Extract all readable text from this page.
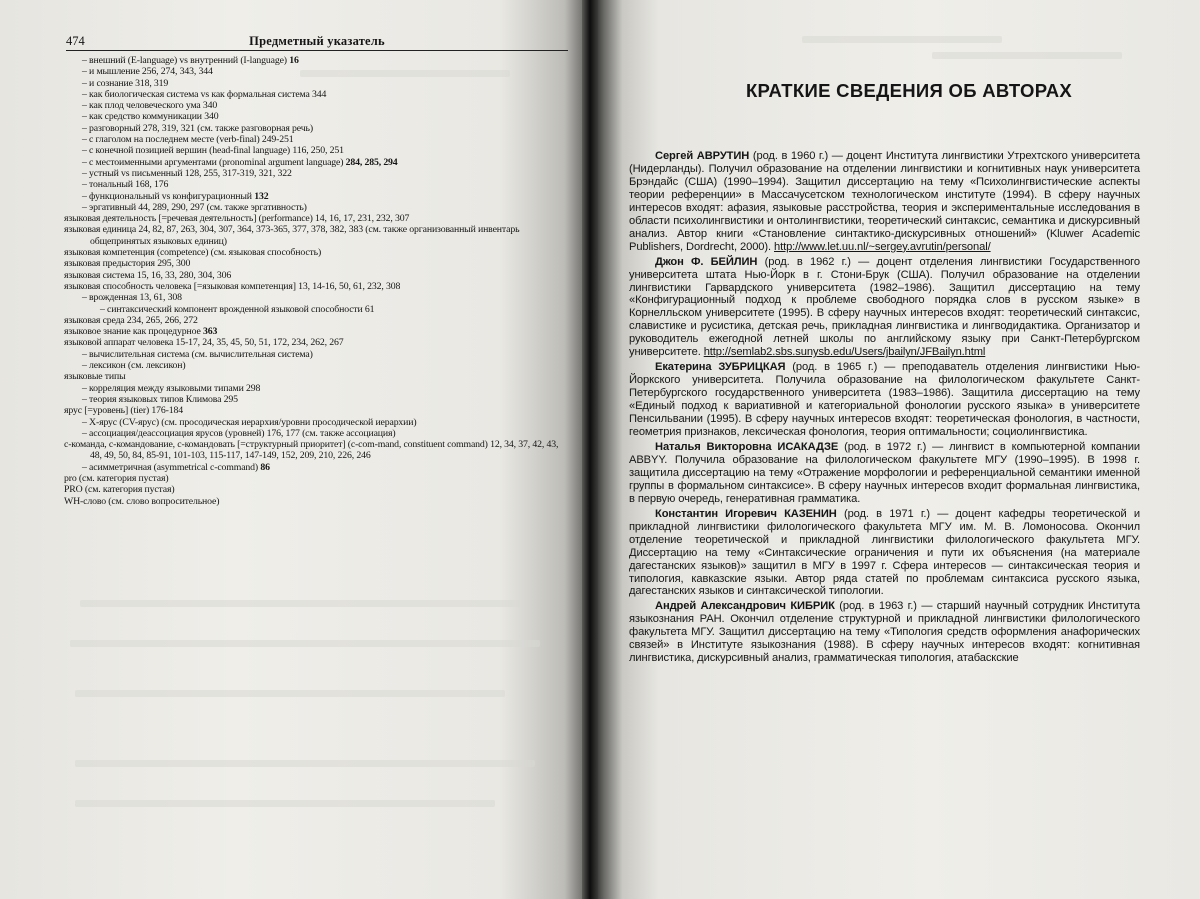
474	Предметный указатель
– внешний (E-language) vs внутренний (I-language) 16
– и мышление 256, 274, 343, 344
– и сознание 318, 319
– как биологическая система vs как формальная система 344
– как плод человеческого ума 340
– как средство коммуникации 340
– разговорный 278, 319, 321 (см. также разговорная речь)
– с глаголом на последнем месте (verb-final) 249-251
– с конечной позицией вершин (head-final language) 116, 250, 251
– с местоименными аргументами (pronominal argument language) 284, 285, 294
– устный vs письменный 128, 255, 317-319, 321, 322
– тональный 168, 176
– функциональный vs конфигурационный 132
– эргативный 44, 289, 290, 297 (см. также эргативность)
языковая деятельность [=речевая деятельность] (performance) 14, 16, 17, 231, 232, 307
языковая единица 24, 82, 87, 263, 304, 307, 364, 373-365, 377, 378, 382, 383 (см. также организованный инвентарь общепринятых языковых единиц)
языковая компетенция (competence) (см. языковая способность)
языковая предыстория 295, 300
языковая система 15, 16, 33, 280, 304, 306
языковая способность человека [=языковая компетенция] 13, 14-16, 50, 61, 232, 308
– врожденная 13, 61, 308
– синтаксический компонент врожденной языковой способности 61
языковая среда 234, 265, 266, 272
языковое знание как процедурное 363
языковой аппарат человека 15-17, 24, 35, 45, 50, 51, 172, 234, 262, 267
– вычислительная система (см. вычислительная система)
– лексикон (см. лексикон)
языковые типы
– корреляция между языковыми типами 298
– теория языковых типов Климова 295
ярус [=уровень] (tier) 176-184
– X-ярус (CV-ярус) (см. просодическая иерархия/уровни просодической иерархии)
– ассоциация/деассоциация ярусов (уровней) 176, 177 (см. также ассоциация)
c-команда, c-командование, c-командовать [=структурный приоритет] (c-com-mand, constituent command) 12, 34, 37, 42, 43, 48, 49, 50, 84, 85-91, 101-103, 115-117, 147-149, 152, 209, 210, 226, 246
– асимметричная (asymmetrical c-command) 86
pro (см. категория пустая)
PRO (см. категория пустая)
WH-слово (см. слово вопросительное)
КРАТКИЕ СВЕДЕНИЯ ОБ АВТОРАХ

Сергей АВРУТИН (род. в 1960 г.) — доцент Института лингвистики Утрехтского университета (Нидерланды). Получил образование на отделении лингвистики и когнитивных наук университета Брэндайс (США) (1990–1994). Защитил диссертацию на тему «Психолингвистические аспекты теории референции» в Массачусетском технологическом институте (1994). В сферу научных интересов входят: афазия, языковые расстройства, теория и экспериментальные исследования в области психолингвистики и онтолингвистики, теоретический синтаксис, семантика и дискурсивный анализ. Автор книги «Становление синтактико-дискурсивных отношений» (Kluwer Academic Publishers, Dordrecht, 2000). http://www.let.uu.nl/~sergey.avrutin/personal/

Джон Ф. БЕЙЛИН (род. в 1962 г.) — доцент отделения лингвистики Государственного университета штата Нью-Йорк в г. Стони-Брук (США). Получил образование на отделении лингвистики Гарвардского университета (1982–1986). Защитил диссертацию на тему «Конфигурационный подход к проблеме свободного порядка слов в русском языке» в Корнелльском университете (1995). В сферу научных интересов входят: теоретический синтаксис, славистике и русистика, детская речь, прикладная лингвистика и лингводидактика. Организатор и руководитель ежегодной летней школы по английскому языку при Санкт-Петербургском университете. http://semlab2.sbs.sunysb.edu/Users/jbailyn/JFBailyn.html

Екатерина ЗУБРИЦКАЯ (род. в 1965 г.) — преподаватель отделения лингвистики Нью-Йоркского университета. Получила образование на филологическом факультете Санкт-Петербургского государственного университета (1983–1986). Защитила диссертацию на тему «Единый подход к вариативной и категориальной фонологии русского языка» в университете Пенсильвании (1995). В сферу научных интересов входят: теоретическая фонология, в частности, геометрия признаков, лексическая фонология, теория оптимальности; социолингвистика.

Наталья Викторовна ИСАКАДЗЕ (род. в 1972 г.) — лингвист в компьютерной компании ABBYY. Получила образование на филологическом факультете МГУ (1990–1995). В 1998 г. защитила диссертацию на тему «Отражение морфологии и референциальной семантики именной группы в формальном синтаксисе». В сферу научных интересов входит формальная лингвистика, в первую очередь, генеративная грамматика.

Константин Игоревич КАЗЕНИН (род. в 1971 г.) — доцент кафедры теоретической и прикладной лингвистики филологического факультета МГУ им. М. В. Ломоносова. Окончил отделение теоретической и прикладной лингвистики филологического факультета МГУ. Диссертацию на тему «Синтаксические ограничения и пути их объяснения (на материале дагестанских языков)» защитил в МГУ в 1997 г. Сфера интересов — синтаксическая теория и типология, кавказские языки. Автор ряда статей по проблемам синтаксиса русского языка, дагестанских языков и синтаксической типологии.

Андрей Александрович КИБРИК (род. в 1963 г.) — старший научный сотрудник Института языкознания РАН. Окончил отделение структурной и прикладной лингвистики филологического факультета МГУ. Защитил диссертацию на тему «Типология средств оформления анафорических связей» в Институте языкознания (1988). В сферу научных интересов входят: когнитивная лингвистика, дискурсивный анализ, грамматическая типология, атабаскские
